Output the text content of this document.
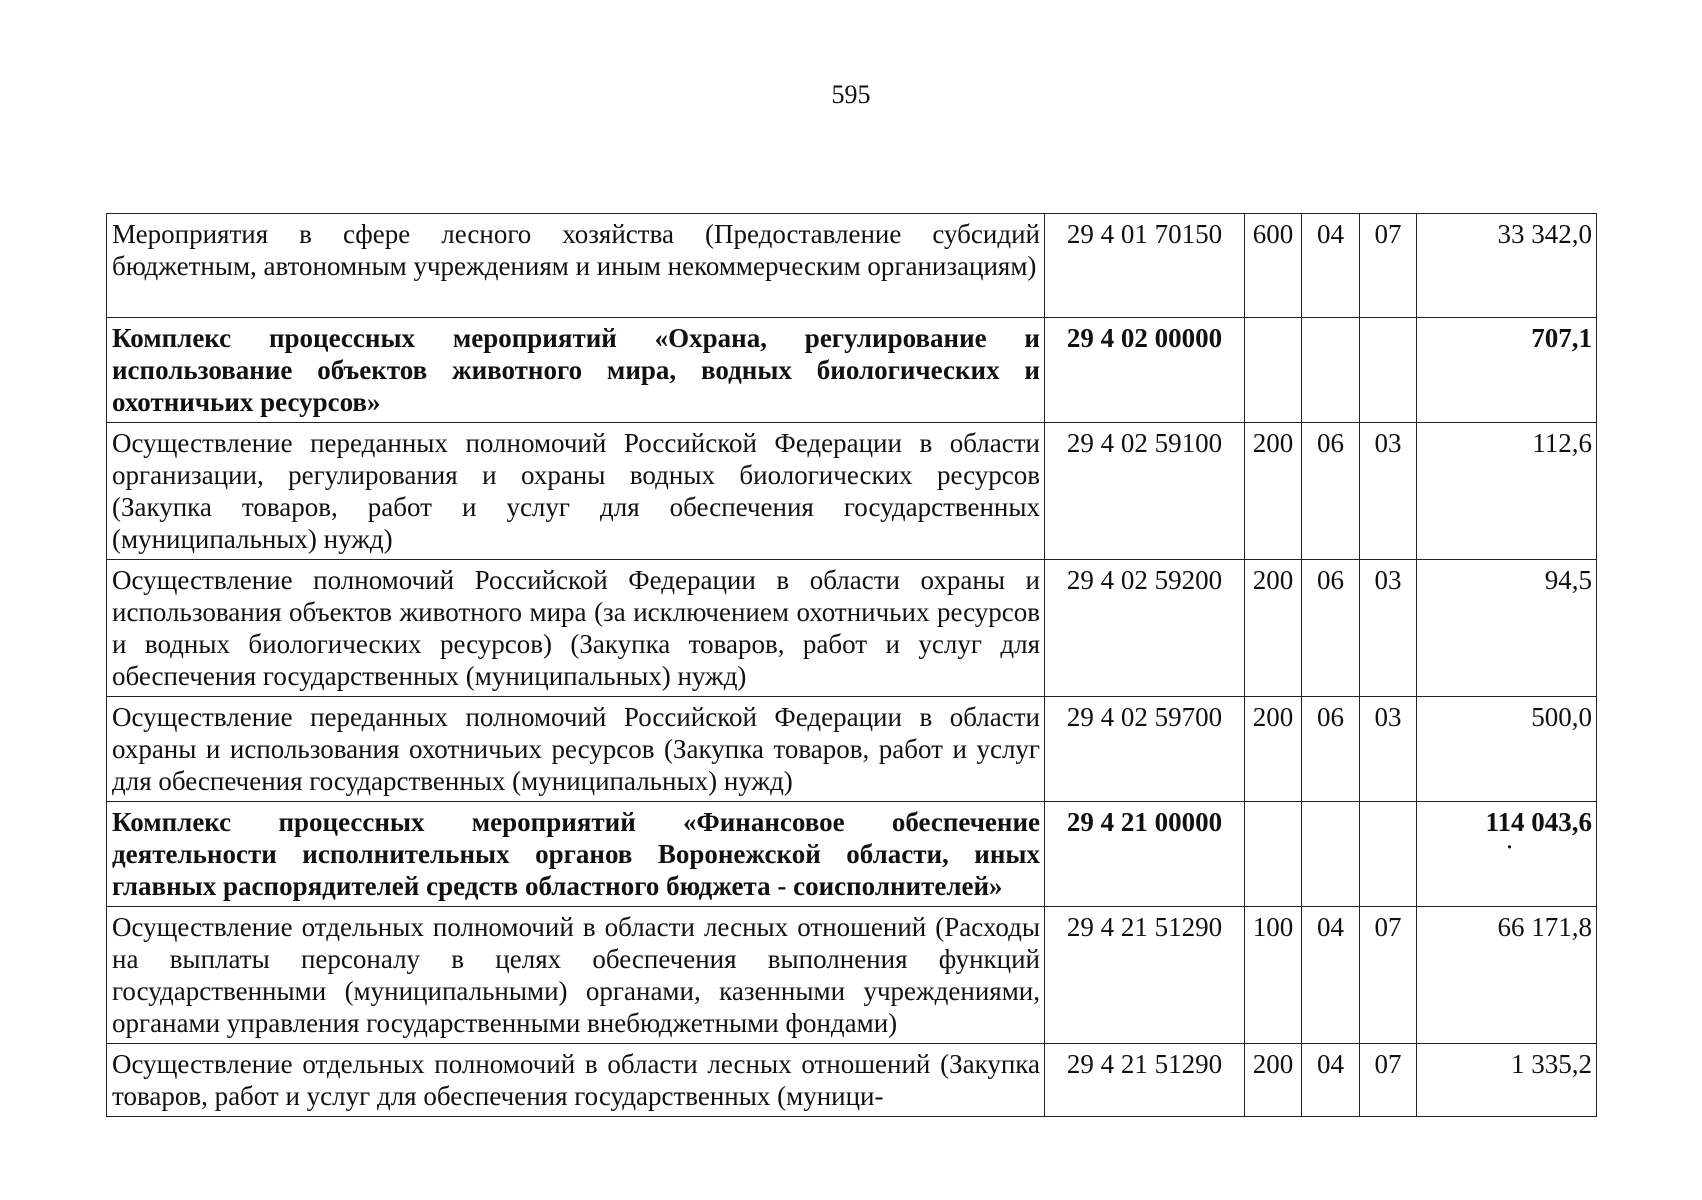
595
Мероприятия в сфере лесного хозяйства (Предоставление субсидий бюджетным, автономным учреждениям и иным некоммерческим организациям)	29 4 01 70150	600	04	07	33 342,0
Комплекс процессных мероприятий «Охрана, регулирование и использование объектов животного мира, водных биологических и охотничьих ресурсов»	29 4 02 00000				707,1
Осуществление переданных полномочий Российской Федерации в области организации, регулирования и охраны водных биологических ресурсов (Закупка товаров, работ и услуг для обеспечения государственных (муниципальных) нужд)	29 4 02 59100	200	06	03	112,6
Осуществление полномочий Российской Федерации в области охраны и использования объектов животного мира (за исключением охотничьих ресурсов и водных биологических ресурсов) (Закупка товаров, работ и услуг для обеспечения государственных (муниципальных) нужд)	29 4 02 59200	200	06	03	94,5
Осуществление переданных полномочий Российской Федерации в области охраны и использования охотничьих ресурсов (Закупка товаров, работ и услуг для обеспечения государственных (муниципальных) нужд)	29 4 02 59700	200	06	03	500,0
Комплекс процессных мероприятий «Финансовое обеспечение деятельности исполнительных органов Воронежской области, иных главных распорядителей средств областного бюджета - соисполнителей»	29 4 21 00000				114 043,6
·

Осуществление отдельных полномочий в области лесных отношений (Расходы на выплаты персоналу в целях обеспечения выполнения функций государственными (муниципальными) органами, казенными учреждениями, органами управления государственными внебюджетными фондами)	29 4 21 51290	100	04	07	66 171,8
Осуществление отдельных полномочий в области лесных отношений (Закупка товаров, работ и услуг для обеспечения государственных (муници-	29 4 21 51290	200	04	07	1 335,2
